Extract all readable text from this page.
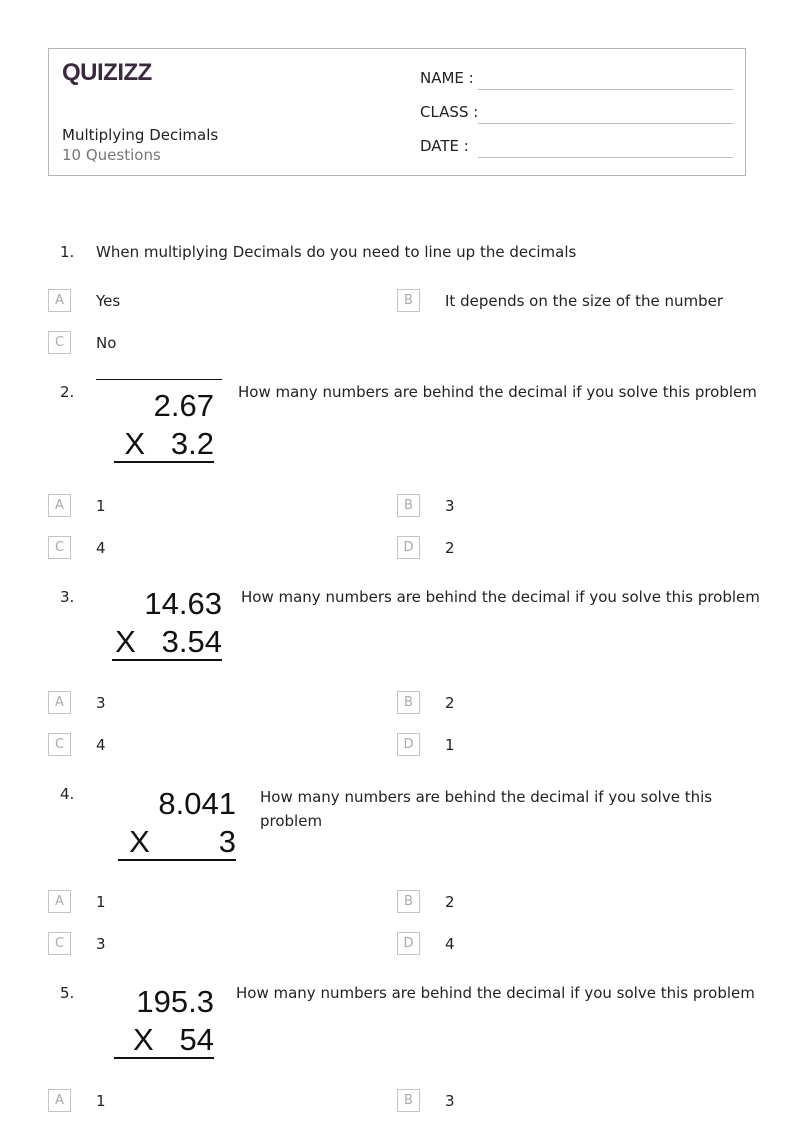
QUIZIZZ
Multiplying Decimals
10 Questions
NAME :
CLASS :
DATE :
1. When multiplying Decimals do you need to line up the decimals
A	Yes	B	It depends on the size of the number
C	No
2.	2.67
X   3.2
How many numbers are behind the decimal if you solve this problem
A	1	B	3
C	4	D	2
3. 14.63
X   3.54
How many numbers are behind the decimal if you solve this problem
A	3	B	2
C	4	D	1
4.	8.041
X        3
How many numbers are behind the decimal if you solve this problem
A	1	B	2
C	3	D	4
5. 195.3
X   54
How many numbers are behind the decimal if you solve this problem
A	1	B	3
